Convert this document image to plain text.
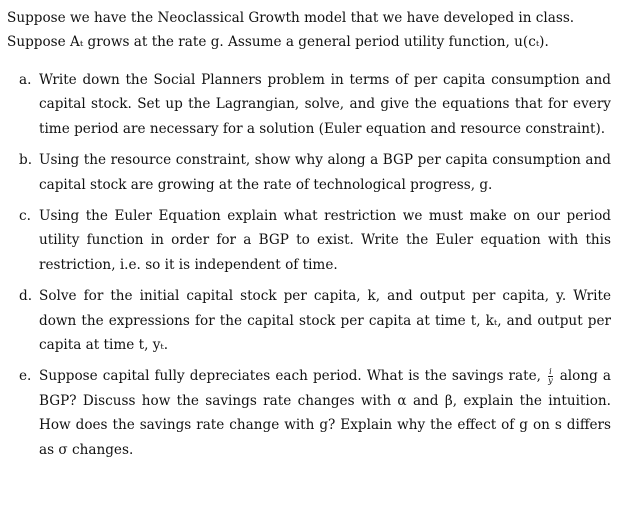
Suppose we have the Neoclassical Growth model that we have developed in class.
Suppose Aₜ grows at the rate g. Assume a general period utility function, u(cₜ).
a. Write down the Social Planners problem in terms of per capita consumption and capital stock. Set up the Lagrangian, solve, and give the equations that for every time period are necessary for a solution (Euler equation and resource constraint).
b. Using the resource constraint, show why along a BGP per capita consumption and capital stock are growing at the rate of technological progress, g.
c. Using the Euler Equation explain what restriction we must make on our period utility function in order for a BGP to exist. Write the Euler equation with this restriction, i.e. so it is independent of time.
d. Solve for the initial capital stock per capita, k, and output per capita, y. Write down the expressions for the capital stock per capita at time t, kₜ, and output per capita at time t, yₜ.
e. Suppose capital fully depreciates each period. What is the savings rate, $\frac{i}{y}$ along a BGP? Discuss how the savings rate changes with α and β, explain the intuition. How does the savings rate change with g? Explain why the effect of g on s differs as σ changes.
